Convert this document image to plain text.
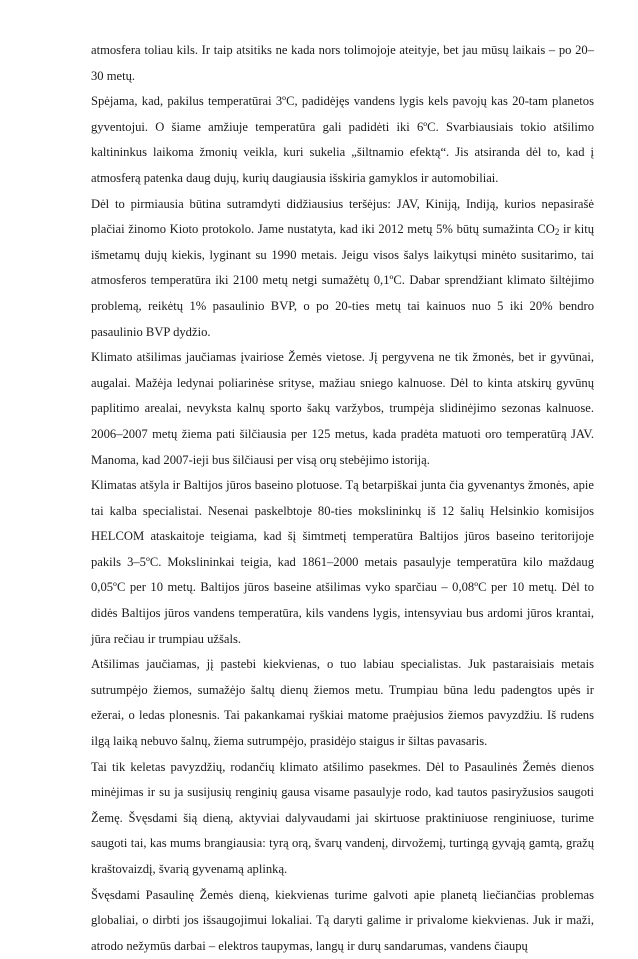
atmosfera toliau kils. Ir taip atsitiks ne kada nors tolimojoje ateityje, bet jau mūsų laikais – po 20–30 metų.

Spėjama, kad, pakilus temperatūrai 3ºC, padidėjęs vandens lygis kels pavojų kas 20-tam planetos gyventojui. O šiame amžiuje temperatūra gali padidėti iki 6ºC. Svarbiausiais tokio atšilimo kaltininkus laikoma žmonių veikla, kuri sukelia „šiltnamio efektą“. Jis atsiranda dėl to, kad į atmosferą patenka daug dujų, kurių daugiausia išskiria gamyklos ir automobiliai.

Dėl to pirmiausia būtina sutramdyti didžiausius teršėjus: JAV, Kiniją, Indiją, kurios nepasirašė plačiai žinomo Kioto protokolo. Jame nustatyta, kad iki 2012 metų 5% būtų sumažinta $CO_2$ ir kitų išmetamų dujų kiekis, lyginant su 1990 metais. Jeigu visos šalys laikytųsi minėto susitarimo, tai atmosferos temperatūra iki 2100 metų netgi sumažėtų 0,1ºC. Dabar sprendžiant klimato šiltėjimo problemą, reikėtų 1% pasaulinio BVP, o po 20-ties metų tai kainuos nuo 5 iki 20% bendro pasaulinio BVP dydžio.

Klimato atšilimas jaučiamas įvairiose Žemės vietose. Jį pergyvena ne tik žmonės, bet ir gyvūnai, augalai. Mažėja ledynai poliarinėse srityse, mažiau sniego kalnuose. Dėl to kinta atskirų gyvūnų paplitimo arealai, nevyksta kalnų sporto šakų varžybos, trumpėja slidinėjimo sezonas kalnuose. 2006–2007 metų žiema pati šilčiausia per 125 metus, kada pradėta matuoti oro temperatūrą JAV. Manoma, kad 2007-ieji bus šilčiausi per visą orų stebėjimo istoriją.

Klimatas atšyla ir Baltijos jūros baseino plotuose. Tą betarpiškai junta čia gyvenantys žmonės, apie tai kalba specialistai. Nesenai paskelbtoje 80-ties mokslininkų iš 12 šalių Helsinkio komisijos HELCOM ataskaitoje teigiama, kad šį šimtmetį temperatūra Baltijos jūros baseino teritorijoje pakils 3–5ºC. Mokslininkai teigia, kad 1861–2000 metais pasaulyje temperatūra kilo maždaug 0,05ºC per 10 metų. Baltijos jūros baseine atšilimas vyko sparčiau – 0,08ºC per 10 metų. Dėl to didės Baltijos jūros vandens temperatūra, kils vandens lygis, intensyviau bus ardomi jūros krantai, jūra rečiau ir trumpiau užšals.

Atšilimas jaučiamas, jį pastebi kiekvienas, o tuo labiau specialistas. Juk pastaraisiais metais sutrumpėjo žiemos, sumažėjo šaltų dienų žiemos metu. Trumpiau būna ledu padengtos upės ir ežerai, o ledas plonesnis. Tai pakankamai ryškiai matome praėjusios žiemos pavyzdžiu. Iš rudens ilgą laiką nebuvo šalnų, žiema sutrumpėjo, prasidėjo staigus ir šiltas pavasaris.

Tai tik keletas pavyzdžių, rodančių klimato atšilimo pasekmes. Dėl to Pasaulinės Žemės dienos minėjimas ir su ja susijusių renginių gausa visame pasaulyje rodo, kad tautos pasiryžusios saugoti Žemę. Švęsdami šią dieną, aktyviai dalyvaudami jai skirtuose praktiniuose renginiuose, turime saugoti tai, kas mums brangiausia: tyrą orą, švarų vandenį, dirvožemį, turtingą gyvąją gamtą, gražų kraštovaizdį, švarią gyvenamą aplinką.

Švęsdami Pasaulinę Žemės dieną, kiekvienas turime galvoti apie planetą liečiančias problemas globaliai, o dirbti jos išsaugojimui lokaliai. Tą daryti galime ir privalome kiekvienas. Juk ir maži, atrodo nežymūs darbai – elektros taupymas, langų ir durų sandarumas, vandens čiaupų
